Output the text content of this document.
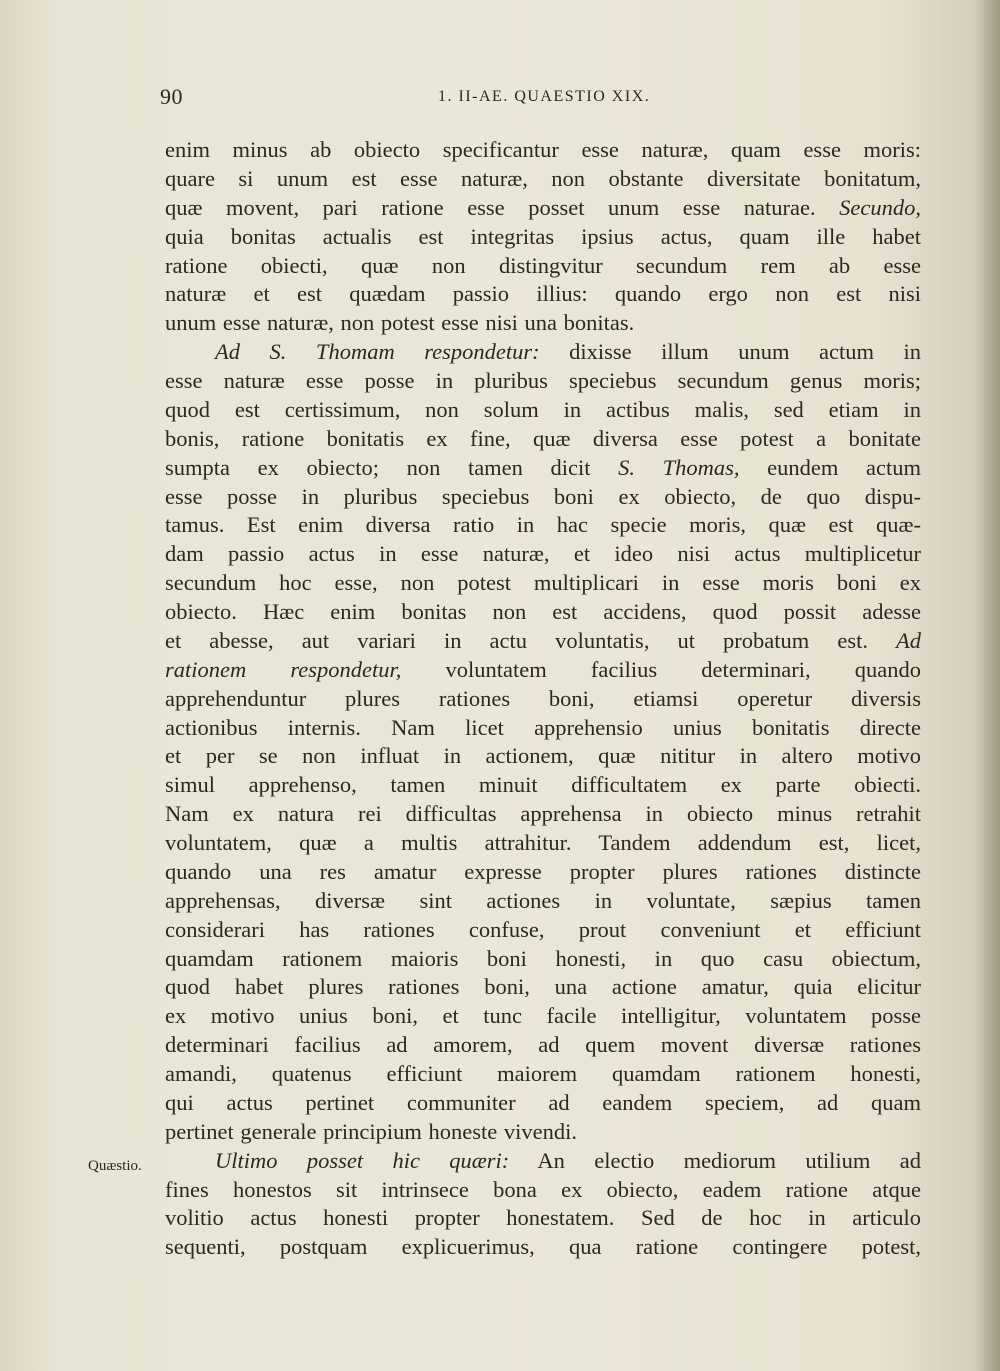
90	1. II-AE. QUAESTIO XIX.
enim minus ab obiecto specificantur esse naturæ, quam esse moris:
quare si unum est esse naturæ, non obstante diversitate bonitatum,
quæ movent, pari ratione esse posset unum esse naturae. Secundo,
quia bonitas actualis est integritas ipsius actus, quam ille habet
ratione obiecti, quæ non distingvitur secundum rem ab esse
naturæ et est quædam passio illius: quando ergo non est nisi
unum esse naturæ, non potest esse nisi una bonitas.
Ad S. Thomam respondetur: dixisse illum unum actum in
esse naturæ esse posse in pluribus speciebus secundum genus moris;
quod est certissimum, non solum in actibus malis, sed etiam in
bonis, ratione bonitatis ex fine, quæ diversa esse potest a bonitate
sumpta ex obiecto; non tamen dicit S. Thomas, eundem actum
esse posse in pluribus speciebus boni ex obiecto, de quo dispu-
tamus. Est enim diversa ratio in hac specie moris, quæ est quæ-
dam passio actus in esse naturæ, et ideo nisi actus multiplicetur
secundum hoc esse, non potest multiplicari in esse moris boni ex
obiecto. Hæc enim bonitas non est accidens, quod possit adesse
et abesse, aut variari in actu voluntatis, ut probatum est. Ad
rationem respondetur, voluntatem facilius determinari, quando
apprehenduntur plures rationes boni, etiamsi operetur diversis
actionibus internis. Nam licet apprehensio unius bonitatis directe
et per se non influat in actionem, quæ nititur in altero motivo
simul apprehenso, tamen minuit difficultatem ex parte obiecti.
Nam ex natura rei difficultas apprehensa in obiecto minus retrahit
voluntatem, quæ a multis attrahitur. Tandem addendum est, licet,
quando una res amatur expresse propter plures rationes distincte
apprehensas, diversæ sint actiones in voluntate, sæpius tamen
considerari has rationes confuse, prout conveniunt et efficiunt
quamdam rationem maioris boni honesti, in quo casu obiectum,
quod habet plures rationes boni, una actione amatur, quia elicitur
ex motivo unius boni, et tunc facile intelligitur, voluntatem posse
determinari facilius ad amorem, ad quem movent diversæ rationes
amandi, quatenus efficiunt maiorem quamdam rationem honesti,
qui actus pertinet communiter ad eandem speciem, ad quam
pertinet generale principium honeste vivendi.
Ultimo posset hic quæri: An electio mediorum utilium ad
fines honestos sit intrinsece bona ex obiecto, eadem ratione atque
volitio actus honesti propter honestatem. Sed de hoc in articulo
sequenti, postquam explicuerimus, qua ratione contingere potest,
Quæstio.
